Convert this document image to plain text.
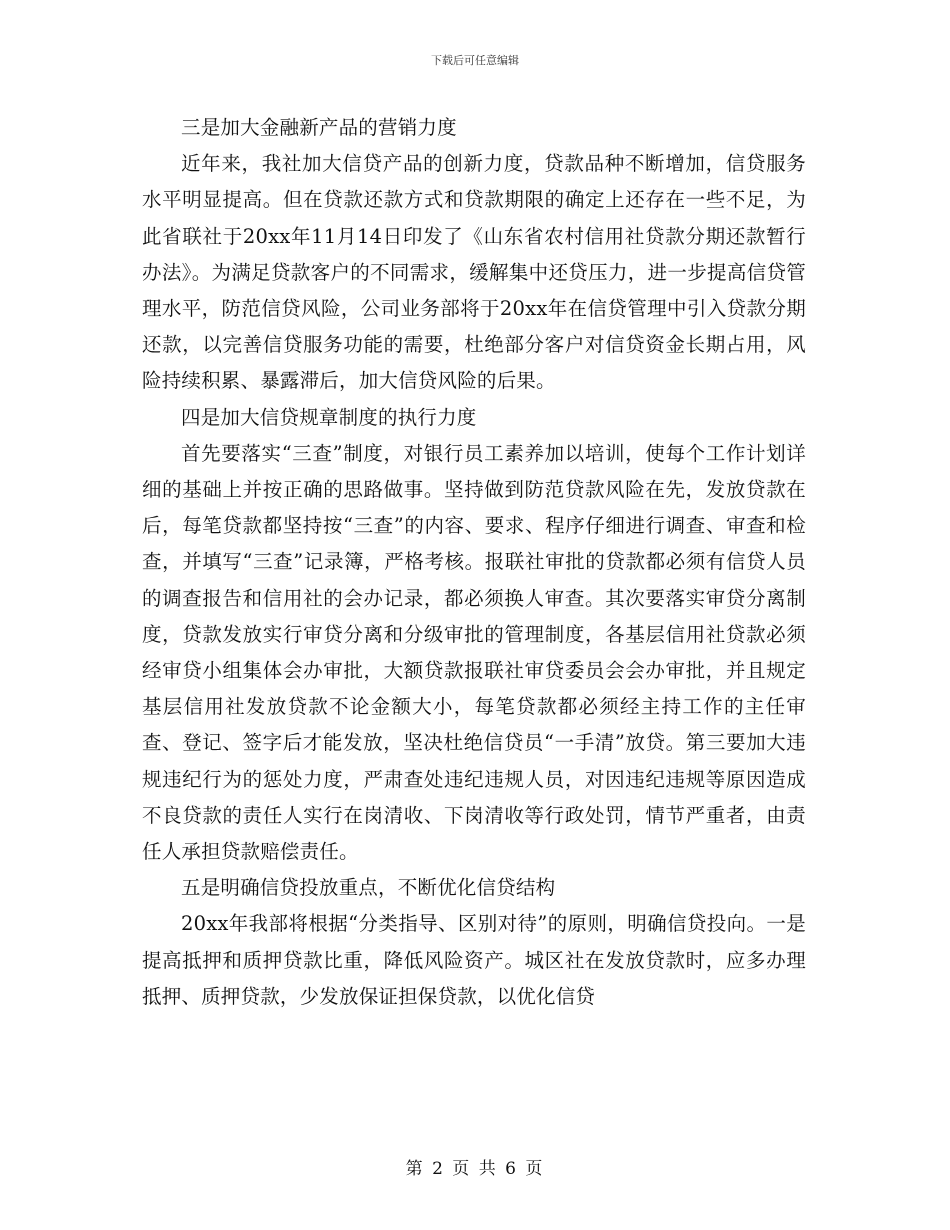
下载后可任意编辑

三是加大金融新产品的营销力度

近年来，我社加大信贷产品的创新力度，贷款品种不断增加，信贷服务水平明显提高。但在贷款还款方式和贷款期限的确定上还存在一些不足，为此省联社于20xx年11月14日印发了《山东省农村信用社贷款分期还款暂行办法》。为满足贷款客户的不同需求，缓解集中还贷压力，进一步提高信贷管理水平，防范信贷风险，公司业务部将于20xx年在信贷管理中引入贷款分期还款，以完善信贷服务功能的需要，杜绝部分客户对信贷资金长期占用，风险持续积累、暴露滞后，加大信贷风险的后果。

四是加大信贷规章制度的执行力度

首先要落实“三查”制度，对银行员工素养加以培训，使每个工作计划详细的基础上并按正确的思路做事。坚持做到防范贷款风险在先，发放贷款在后，每笔贷款都坚持按“三查”的内容、要求、程序仔细进行调查、审查和检查，并填写“三查”记录簿，严格考核。报联社审批的贷款都必须有信贷人员的调查报告和信用社的会办记录，都必须换人审查。其次要落实审贷分离制度，贷款发放实行审贷分离和分级审批的管理制度，各基层信用社贷款必须经审贷小组集体会办审批，大额贷款报联社审贷委员会会办审批，并且规定基层信用社发放贷款不论金额大小，每笔贷款都必须经主持工作的主任审查、登记、签字后才能发放，坚决杜绝信贷员“一手清”放贷。第三要加大违规违纪行为的惩处力度，严肃查处违纪违规人员，对因违纪违规等原因造成不良贷款的责任人实行在岗清收、下岗清收等行政处罚，情节严重者，由责任人承担贷款赔偿责任。

五是明确信贷投放重点，不断优化信贷结构

20xx年我部将根据“分类指导、区别对待”的原则，明确信贷投向。一是提高抵押和质押贷款比重，降低风险资产。城区社在发放贷款时，应多办理抵押、质押贷款，少发放保证担保贷款，以优化信贷

第 2 页 共 6 页
